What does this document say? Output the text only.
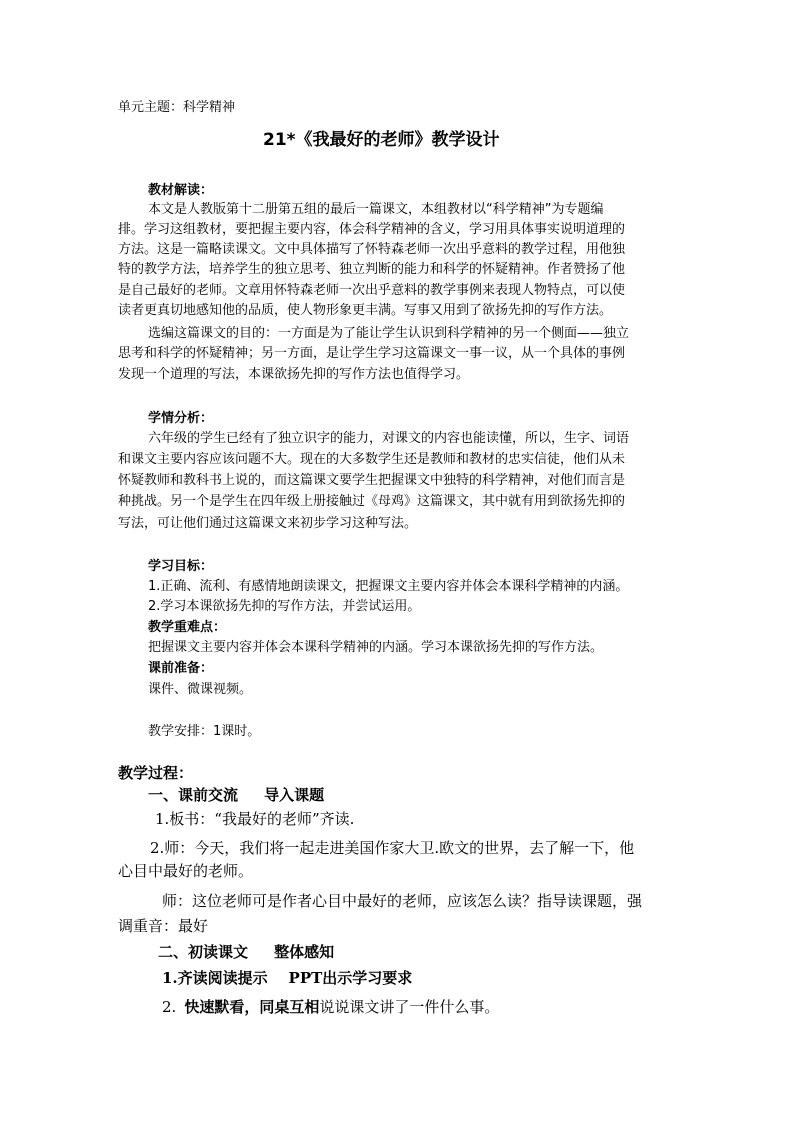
单元主题：科学精神
21*《我最好的老师》教学设计
教材解读：
本文是人教版第十二册第五组的最后一篇课文，本组教材以“科学精神”为专题编
排。学习这组教材，要把握主要内容，体会科学精神的含义，学习用具体事实说明道理的
方法。这是一篇略读课文。文中具体描写了怀特森老师一次出乎意料的教学过程，用他独
特的教学方法，培养学生的独立思考、独立判断的能力和科学的怀疑精神。作者赞扬了他
是自己最好的老师。文章用怀特森老师一次出乎意料的教学事例来表现人物特点，可以使
读者更真切地感知他的品质，使人物形象更丰满。写事又用到了欲扬先抑的写作方法。
选编这篇课文的目的：一方面是为了能让学生认识到科学精神的另一个侧面——独立
思考和科学的怀疑精神；另一方面，是让学生学习这篇课文一事一议，从一个具体的事例
发现一个道理的写法，本课欲扬先抑的写作方法也值得学习。
学情分析：
六年级的学生已经有了独立识字的能力，对课文的内容也能读懂，所以，生字、词语
和课文主要内容应该问题不大。现在的大多数学生还是教师和教材的忠实信徒，他们从未
怀疑教师和教科书上说的，而这篇课文要学生把握课文中独特的科学精神，对他们而言是
种挑战。另一个是学生在四年级上册接触过《母鸡》这篇课文，其中就有用到欲扬先抑的
写法，可让他们通过这篇课文来初步学习这种写法。
学习目标：
1.正确、流利、有感情地朗读课文，把握课文主要内容并体会本课科学精神的内涵。
2.学习本课欲扬先抑的写作方法，并尝试运用。
教学重难点：
把握课文主要内容并体会本课科学精神的内涵。学习本课欲扬先抑的写作方法。
课前准备：
课件、微课视频。
教学安排：1课时。
教学过程：
一、课前交流     导入课题
1.板书：“我最好的老师”齐读.
2.师：今天，我们将一起走进美国作家大卫.欧文的世界，去了解一下，他
心目中最好的老师。
师：这位老师可是作者心目中最好的老师，应该怎么读？指导读课题，强
调重音：最好
二、初读课文     整体感知
1.齐读阅读提示    PPT出示学习要求
2. 快速默看，同桌互相说说课文讲了一件什么事。
